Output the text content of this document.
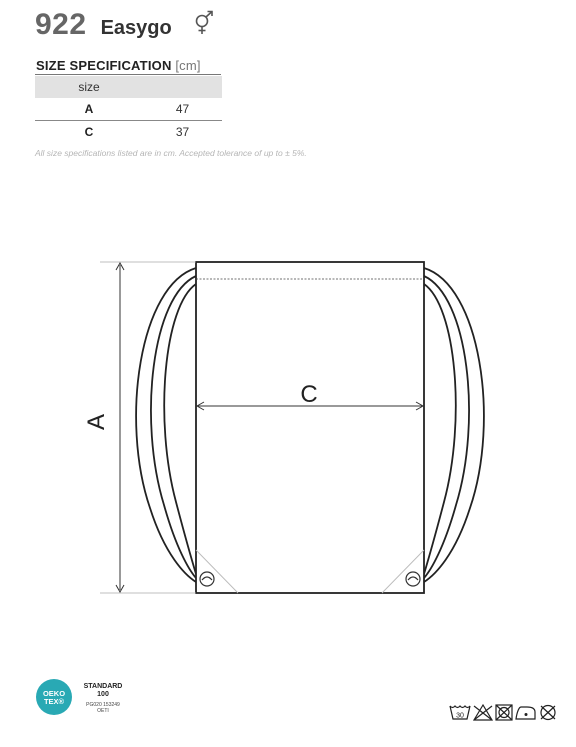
922 Easygo
SIZE SPECIFICATION [cm]
size	
A	47
C	37
All size specifications listed are in cm. Accepted tolerance of up to ± 5%.
A
C
OEKO
TEX®
STANDARD
100
PG020 153249
OETI
30
